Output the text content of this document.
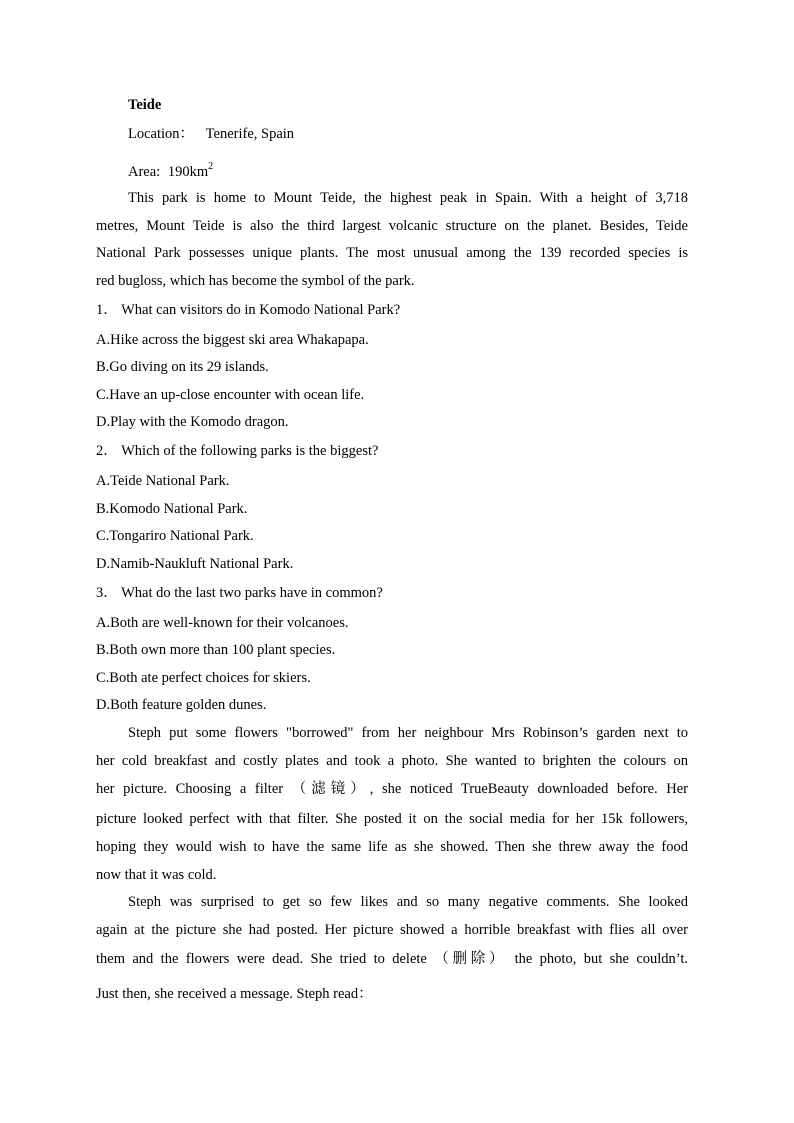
Teide
Location： Tenerife, Spain
Area: $190km^2$
This park is home to Mount Teide, the highest peak in Spain. With a height of 3,718
metres, Mount Teide is also the third largest volcanic structure on the planet. Besides, Teide
National Park possesses unique plants. The most unusual among the 139 recorded species is
red bugloss, which has become the symbol of the park.
1． What can visitors do in Komodo National Park?
A.Hike across the biggest ski area Whakapapa.
B.Go diving on its 29 islands.
C.Have an up-close encounter with ocean life.
D.Play with the Komodo dragon.
2． Which of the following parks is the biggest?
A.Teide National Park.
B.Komodo National Park.
C.Tongariro National Park.
D.Namib-Naukluft National Park.
3． What do the last two parks have in common?
A.Both are well-known for their volcanoes.
B.Both own more than 100 plant species.
C.Both ate perfect choices for skiers.
D.Both feature golden dunes.
Steph put some flowers "borrowed" from her neighbour Mrs Robinson’s garden next to
her cold breakfast and costly plates and took a photo. She wanted to brighten the colours on
her picture. Choosing a filter （滤镜）, she noticed TrueBeauty downloaded before. Her
picture looked perfect with that filter. She posted it on the social media for her 15k followers,
hoping they would wish to have the same life as she showed. Then she threw away the food
now that it was cold.
Steph was surprised to get so few likes and so many negative comments. She looked
again at the picture she had posted. Her picture showed a horrible breakfast with flies all over
them and the flowers were dead. She tried to delete （删除） the photo, but she couldn’t.
Just then, she received a message. Steph read：
